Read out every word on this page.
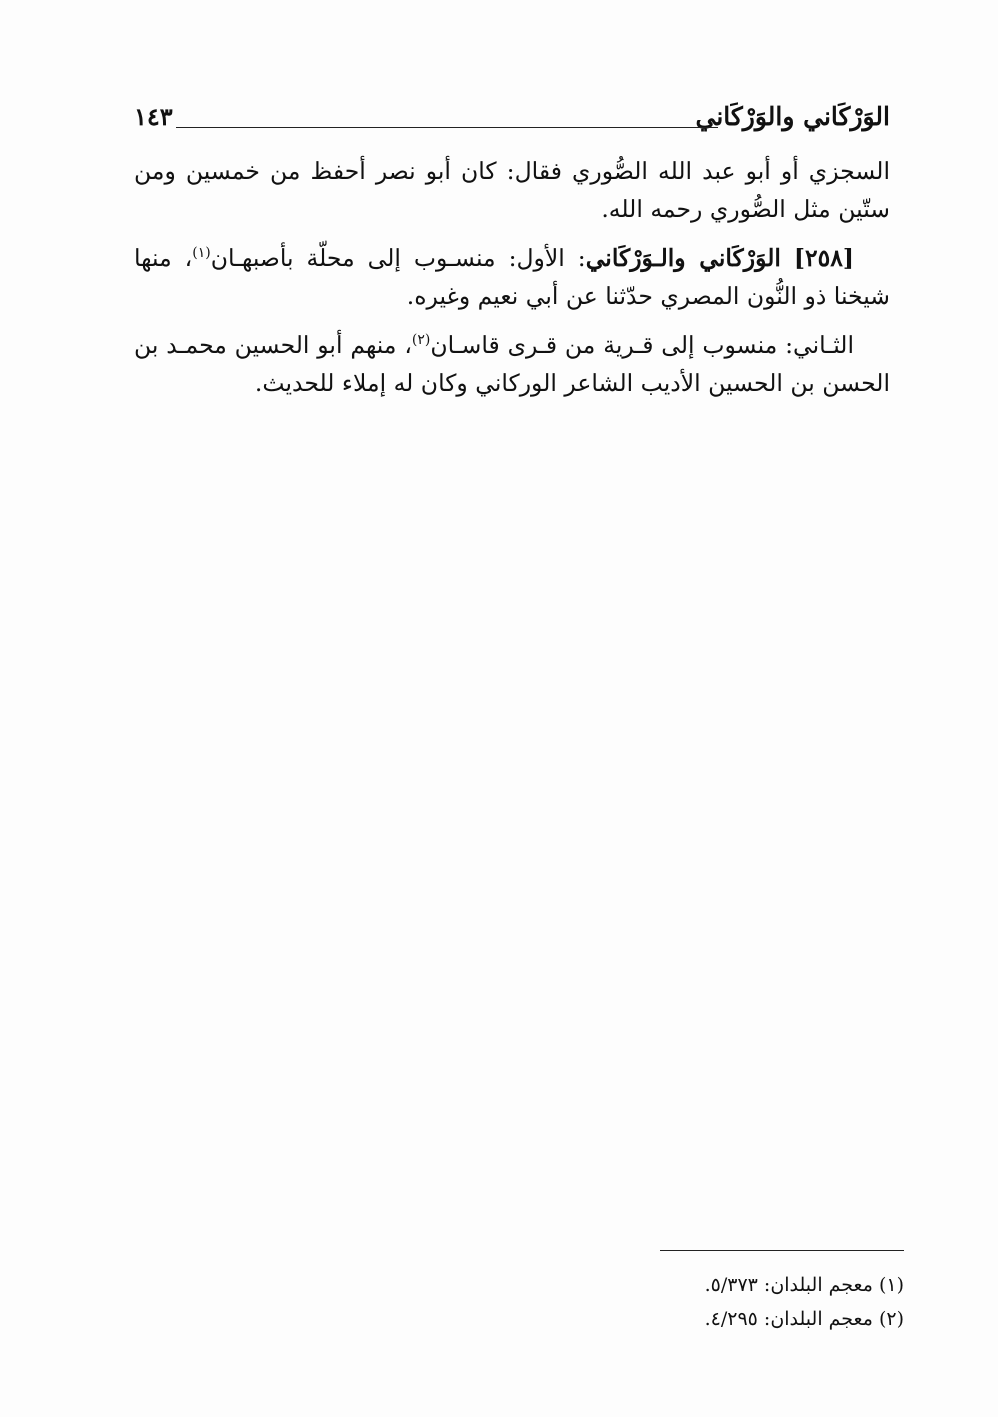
الوَرْكَاني والوَرْكَاني
١٤٣

السجزي أو أبو عبد الله الصُّوري فقال: كان أبو نصر أحفظ من خمسين ومن ستّين مثل الصُّوري رحمه الله.

[٢٥٨] الوَرْكَاني والـوَرْكَاني: الأول: منسـوب إلى محلّة بأصبهـان$^{(١)}$، منها شيخنا ذو النُّون المصري حدّثنا عن أبي نعيم وغيره.

الثـاني: منسوب إلى قـرية من قـرى قاسـان$^{(٢)}$، منهم أبو الحسين محمـد بن الحسن بن الحسين الأديب الشاعر الوركاني وكان له إملاء للحديث.

(١) معجم البلدان: ٥/٣٧٣.

(٢) معجم البلدان: ٤/٢٩٥.
